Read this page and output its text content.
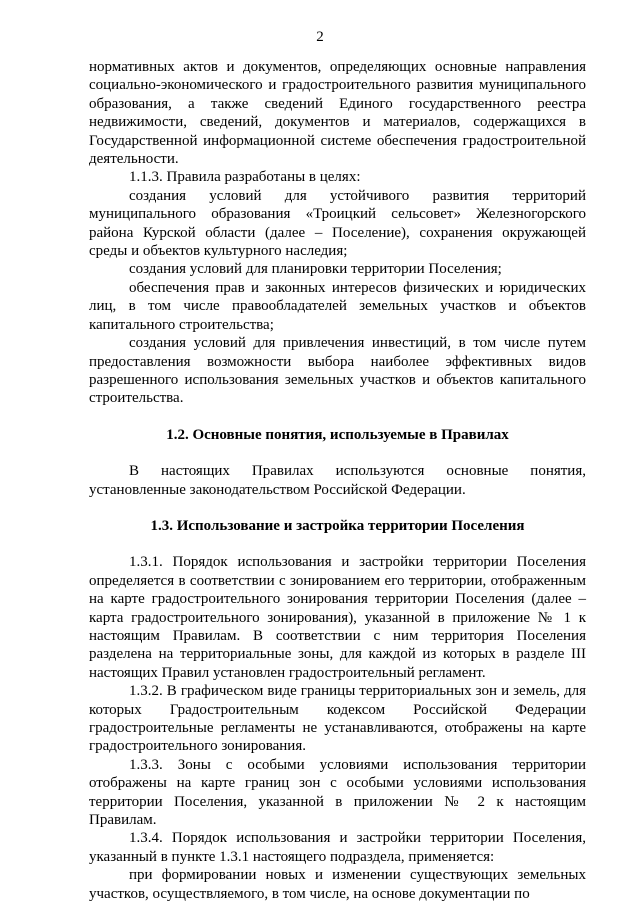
2

нормативных актов и документов, определяющих основные направления социально-экономического и градостроительного развития муниципального образования, а также сведений Единого государственного реестра недвижимости, сведений, документов и материалов, содержащихся в Государственной информационной системе обеспечения градостроительной деятельности.

1.1.3. Правила разработаны в целях:

создания условий для устойчивого развития территорий муниципального образования «Троицкий сельсовет» Железногорского района Курской области (далее – Поселение), сохранения окружающей среды и объектов культурного наследия;

создания условий для планировки территории Поселения;

обеспечения прав и законных интересов физических и юридических лиц, в том числе правообладателей земельных участков и объектов капитального строительства;

создания условий для привлечения инвестиций, в том числе путем предоставления возможности выбора наиболее эффективных видов разрешенного использования земельных участков и объектов капитального строительства.

1.2. Основные понятия, используемые в Правилах

В настоящих Правилах используются основные понятия, установленные законодательством Российской Федерации.

1.3. Использование и застройка территории Поселения

1.3.1. Порядок использования и застройки территории Поселения определяется в соответствии с зонированием его территории, отображенным на карте градостроительного зонирования территории Поселения (далее – карта градостроительного зонирования), указанной в приложение № 1 к настоящим Правилам. В соответствии с ним территория Поселения разделена на территориальные зоны, для каждой из которых в разделе III настоящих Правил установлен градостроительный регламент.

1.3.2. В графическом виде границы территориальных зон и земель, для которых Градостроительным кодексом Российской Федерации градостроительные регламенты не устанавливаются, отображены на карте градостроительного зонирования.

1.3.3. Зоны с особыми условиями использования территории отображены на карте границ зон с особыми условиями использования территории Поселения, указанной в приложении № 2 к настоящим Правилам.

1.3.4. Порядок использования и застройки территории Поселения, указанный в пункте 1.3.1 настоящего подраздела, применяется:

при формировании новых и изменении существующих земельных участков, осуществляемого, в том числе, на основе документации по
